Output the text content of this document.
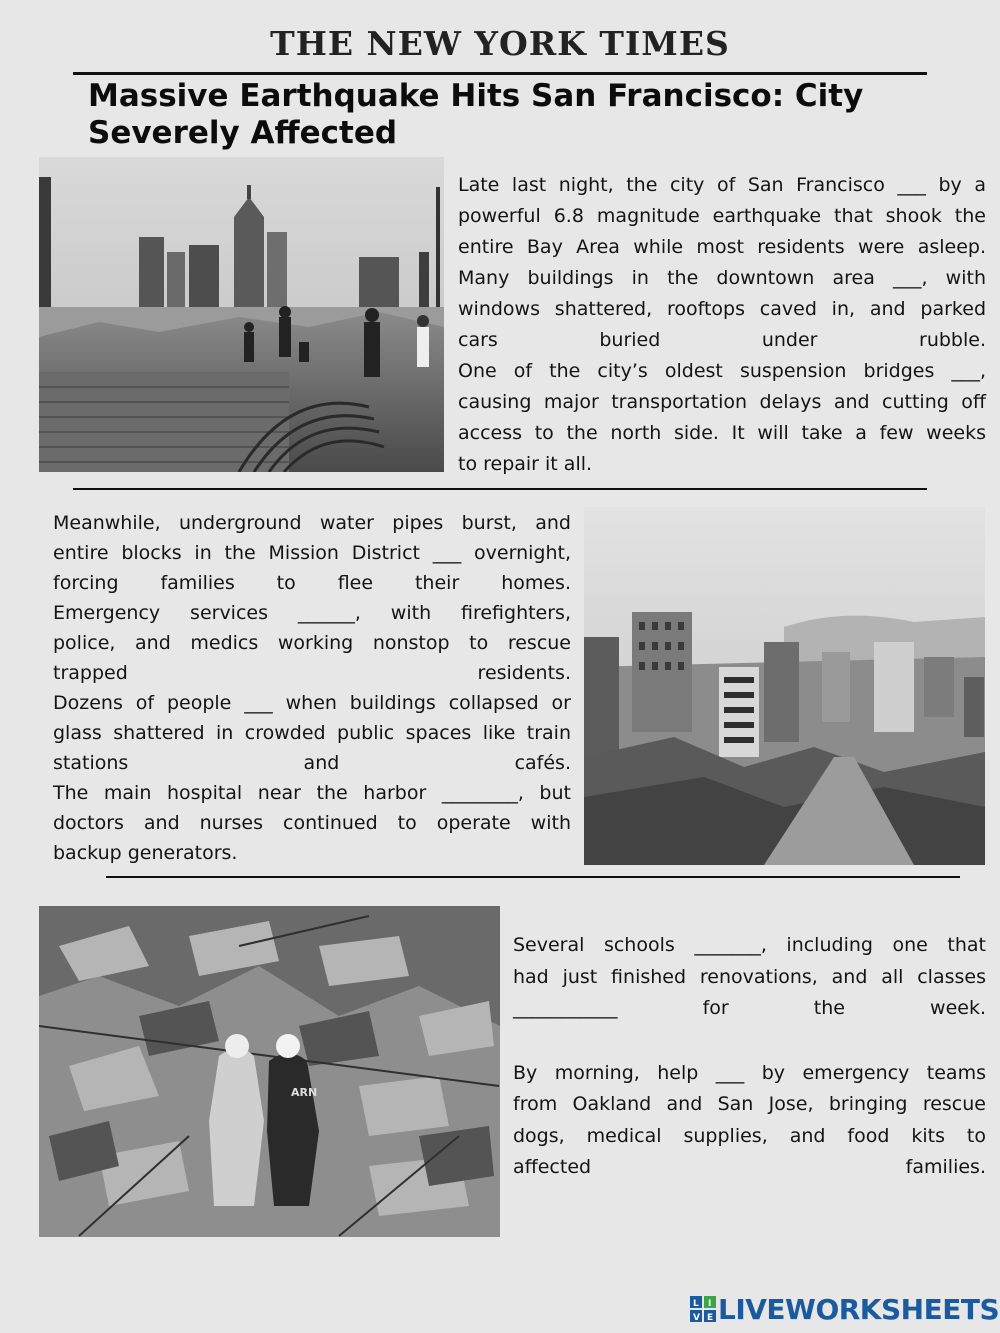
THE NEW YORK TIMES
Massive Earthquake Hits San Francisco: City Severely Affected
Late last night, the city of San Francisco ___ by a
powerful 6.8 magnitude earthquake that shook the
entire Bay Area while most residents were asleep.
Many buildings in the downtown area ___, with
windows shattered, rooftops caved in, and parked
cars buried under rubble.
One of the city’s oldest suspension bridges ___,
causing major transportation delays and cutting off
access to the north side. It will take a few weeks
to repair it all.
Meanwhile, underground water pipes burst, and
entire blocks in the Mission District ___ overnight,
forcing families to flee their homes.
Emergency services ______, with firefighters,
police, and medics working nonstop to rescue
trapped residents.
Dozens of people ___ when buildings collapsed or
glass shattered in crowded public spaces like train
stations and cafés.
The main hospital near the harbor ________, but
doctors and nurses continued to operate with
backup generators.
ARN
Several schools _______, including one that
had just finished renovations, and all classes
___________ for the week.
By morning, help ___ by emergency teams
from Oakland and San Jose, bringing rescue
dogs, medical supplies, and food kits to
affected families.
L I
V E LIVEWORKSHEETS
